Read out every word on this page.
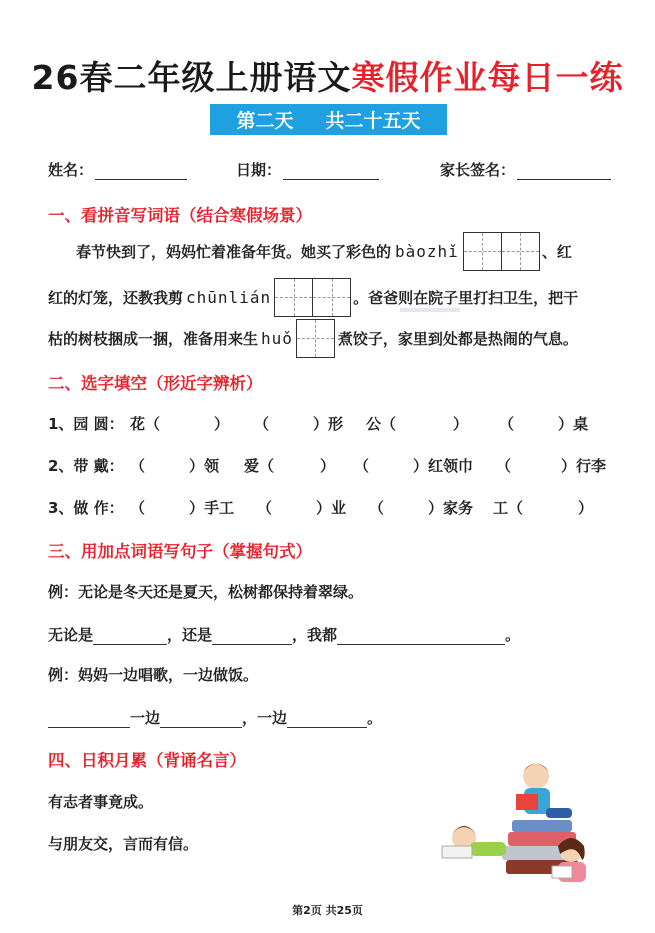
26春二年级上册语文寒假作业每日一练
第二天 共二十五天
姓名：	日期：	家长签名：
一、看拼音写词语（结合寒假场景）
春节快到了，妈妈忙着准备年货。她买了彩色的 bàozhǐ	、红
红的灯笼，还教我剪 chūnlián	。爸爸则在院子里打扫卫生，把干
枯的树枝捆成一捆，准备用来生 huǒ	煮饺子，家里到处都是热闹的气息。
二、选字填空（形近字辨析）
1、园 圆： 花（	） （	）形 公（	） （	）桌
2、带 戴： （	）领 爱（	） （	）红领巾 （	）行李
3、做 作： （	）手工 （	）业 （	）家务 工（	）
三、用加点词语写句子（掌握句式）
例：无论是冬天还是夏天，松树都保持着翠绿。
无论是	，还是	，我都	。
例：妈妈一边唱歌，一边做饭。
一边	，一边	。
四、日积月累（背诵名言）
有志者事竟成。
与朋友交，言而有信。
第2页 共25页
